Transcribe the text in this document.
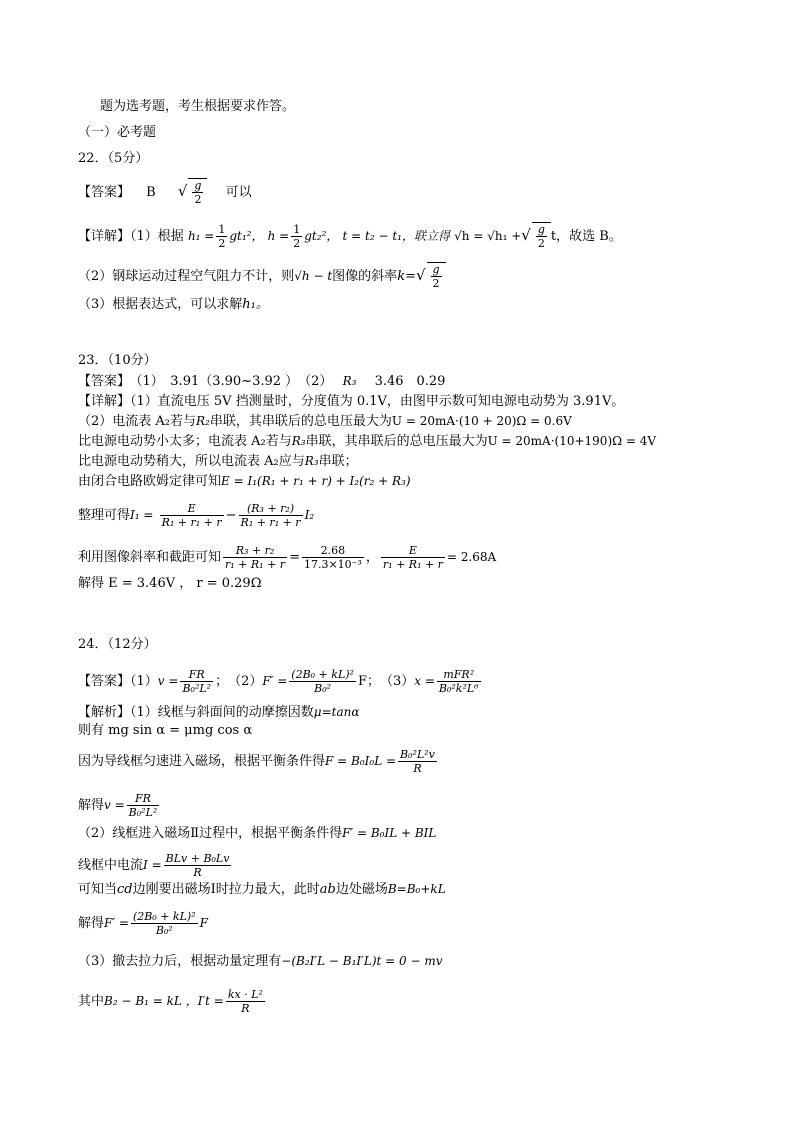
题为选考题，考生根据要求作答。
（一）必考题
22．（5分）
【答案】 B √ $\frac{g}{2}$ 可以
【详解】（1）根据 $h_1 = \frac{1}{2} gt_1^2$， $h = \frac{1}{2} gt_2^2$， t = t₂ − t₁，联立得 √h = √h₁ +√ $\frac{g}{2}$ t，故选 B。
（2）钢球运动过程空气阻力不计，则√h − t图像的斜率$k=√ \frac{g}{2}$
（3）根据表达式，可以求解h₁。
23．（10分）
【答案】 （1）　3.91（3.90~3.92 ）　（2） R₃ 3.46　0.29
【详解】（1）直流电压 5V 挡测量时，分度值为 0.1V，由图甲示数可知电源电动势为 3.91V。
（2）电流表 A₂若与R₂串联，其串联后的总电压最大为U = 20mA·(10 + 20)Ω = 0.6V
比电源电动势小太多；电流表 A₂若与R₃串联，其串联后的总电压最大为U = 20mA·(10+190)Ω = 4V
比电源电动势稍大，所以电流表 A₂应与R₃串联；
由闭合电路欧姆定律可知E = I₁(R₁ + r₁ + r) + I₂(r₂ + R₃)
整理可得$I_1 = \frac{E}{\text{R₁ + r₁ + r}} - \frac{\text{(R₃ + r₂)}}{\text{R₁ + r₁ + r}} I_2$
利用图像斜率和截距可知 $\frac{\text{R₃ + r₂}}{\text{r₁ + R₁ + r}} = \frac{2.68}{\text{17.3×10⁻³}}$ ， $\frac{E}{\text{r₁ + R₁ + r}} = 2.68A$
解得 E = 3.46V ， r = 0.29Ω
24．（12分）
【答案】$(1)v = \frac{FR}{\text{B₀²L²}}$ ；　$(2)F' = \frac{\text{(2B₀ + kL)²}}{\text{B₀²}}$ F；　$(3)x = \frac{\text{mFR²}}{\text{B₀²k²L⁶}}$
【解析】（1）线框与斜面间的动摩擦因数μ=tanα
则有 mg sin α = μmg cos α
因为导线框匀速进入磁场，根据平衡条件得$F = B_0I_0L = \frac{\text{B₀²L²v}}{R}$
解得$v = \frac{FR}{\text{B₀²L²}}$
（2）线框进入磁场Ⅱ过程中，根据平衡条件得F′ = B₀IL + BIL
线框中电流$I = \frac{\text{BLv + B₀Lv}}{R}$
可知当cd边刚要出磁场Ⅰ时拉力最大，此时ab边处磁场B=B₀+kL
解得$F' = \frac{\text{(2B₀ + kL)²}}{\text{B₀²}}$ F
（3）撤去拉力后，根据动量定理有−(B₂I′L − B₁I′L)t = 0 − mv
其中B₂ − B₁ = kL ，$I't = \frac{\text{kx · L²}}{R}$
